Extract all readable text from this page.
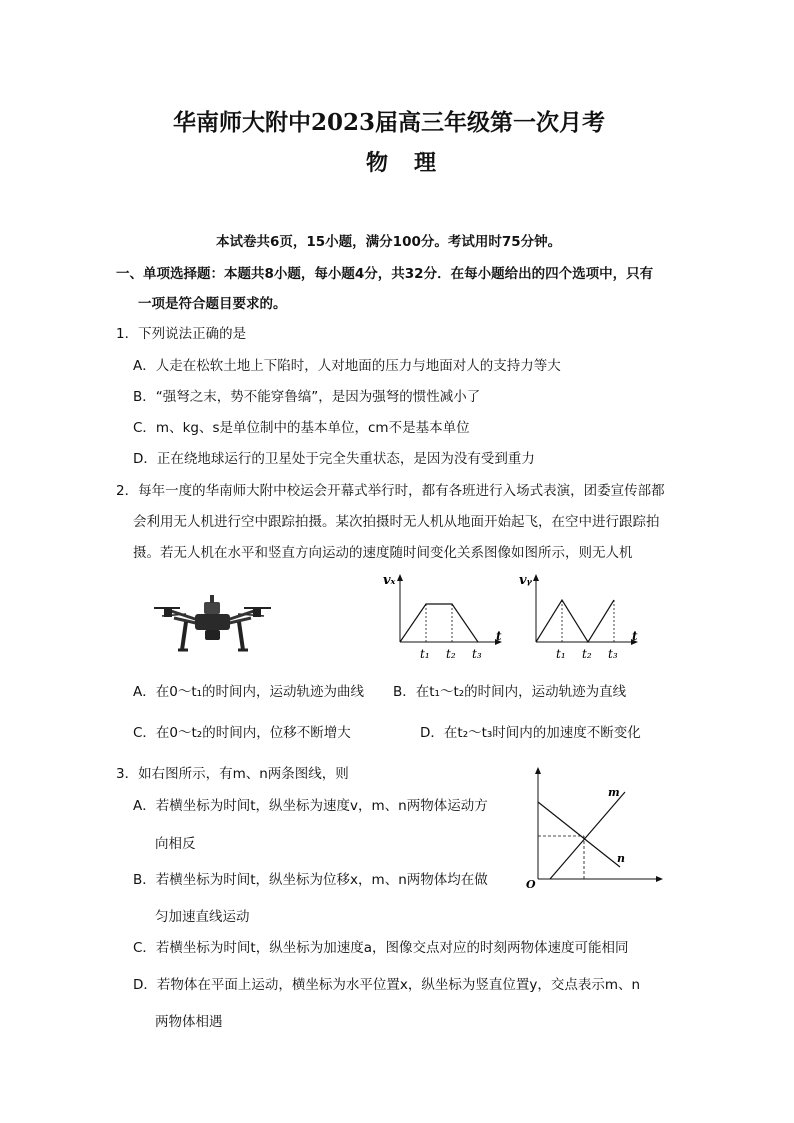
华南师大附中2023届高三年级第一次月考
物　理
本试卷共6页，15小题，满分100分。考试用时75分钟。
一、单项选择题：本题共8小题，每小题4分，共32分．在每小题给出的四个选项中，只有
一项是符合题目要求的。
1．下列说法正确的是
A．人走在松软土地上下陷时，人对地面的压力与地面对人的支持力等大
B．“强弩之末，势不能穿鲁缟”，是因为强弩的惯性减小了
C．m、kg、s是单位制中的基本单位，cm不是基本单位
D．正在绕地球运行的卫星处于完全失重状态，是因为没有受到重力
2．每年一度的华南师大附中校运会开幕式举行时，都有各班进行入场式表演，团委宣传部都
会利用无人机进行空中跟踪拍摄。某次拍摄时无人机从地面开始起飞，在空中进行跟踪拍
摄。若无人机在水平和竖直方向运动的速度随时间变化关系图像如图所示，则无人机
vₓ
t
t₁ t₂ t₃
vᵧ
t
t₁ t₂ t₃
A．在0～t₁的时间内，运动轨迹为曲线 B．在t₁～t₂的时间内，运动轨迹为直线
C．在0～t₂的时间内，位移不断增大	D．在t₂～t₃时间内的加速度不断变化
3．如右图所示，有m、n两条图线，则
A．若横坐标为时间t，纵坐标为速度v，m、n两物体运动方
向相反
B．若横坐标为时间t，纵坐标为位移x，m、n两物体均在做
匀加速直线运动
C．若横坐标为时间t，纵坐标为加速度a，图像交点对应的时刻两物体速度可能相同
D．若物体在平面上运动，横坐标为水平位置x，纵坐标为竖直位置y，交点表示m、n
两物体相遇
m
n
O
